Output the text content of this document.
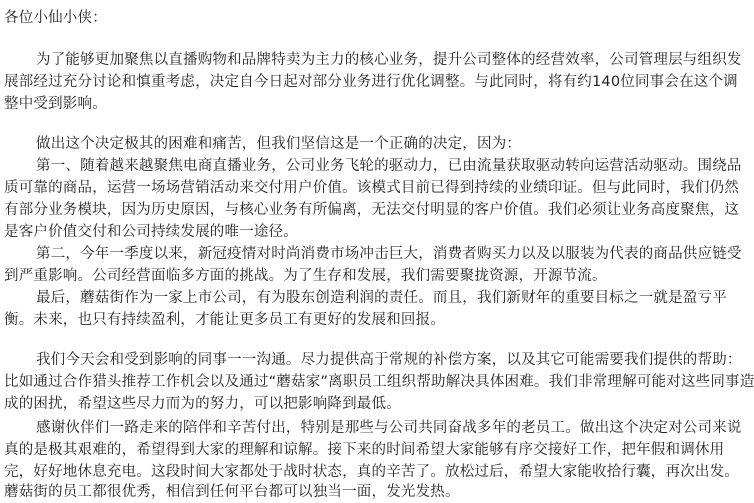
各位小仙小侠：
为了能够更加聚焦以直播购物和品牌特卖为主力的核心业务，提升公司整体的经营效率，公司管理层与组织发
展部经过充分讨论和慎重考虑，决定自今日起对部分业务进行优化调整。与此同时，将有约140位同事会在这个调
整中受到影响。
做出这个决定极其的困难和痛苦，但我们坚信这是一个正确的决定，因为：
第一、随着越来越聚焦电商直播业务，公司业务飞轮的驱动力，已由流量获取驱动转向运营活动驱动。围绕品
质可靠的商品，运营一场场营销活动来交付用户价值。该模式目前已得到持续的业绩印证。但与此同时，我们仍然
有部分业务模块，因为历史原因，与核心业务有所偏离，无法交付明显的客户价值。我们必须让业务高度聚焦，这
是客户价值交付和公司持续发展的唯一途径。
第二，今年一季度以来，新冠疫情对时尚消费市场冲击巨大，消费者购买力以及以服装为代表的商品供应链受
到严重影响。公司经营面临多方面的挑战。为了生存和发展，我们需要聚拢资源，开源节流。
最后，蘑菇街作为一家上市公司，有为股东创造利润的责任。而且，我们新财年的重要目标之一就是盈亏平
衡。未来，也只有持续盈利，才能让更多员工有更好的发展和回报。
我们今天会和受到影响的同事一一沟通。尽力提供高于常规的补偿方案，以及其它可能需要我们提供的帮助：
比如通过合作猎头推荐工作机会以及通过“蘑菇家”离职员工组织帮助解决具体困难。我们非常理解可能对这些同事造
成的困扰，希望这些尽力而为的努力，可以把影响降到最低。
感谢伙伴们一路走来的陪伴和辛苦付出，特别是那些与公司共同奋战多年的老员工。做出这个决定对公司来说
真的是极其艰难的，希望得到大家的理解和谅解。接下来的时间希望大家能够有序交接好工作，把年假和调休用
完，好好地休息充电。这段时间大家都处于战时状态，真的辛苦了。放松过后，希望大家能收拾行囊，再次出发。
蘑菇街的员工都很优秀，相信到任何平台都可以独当一面，发光发热。
